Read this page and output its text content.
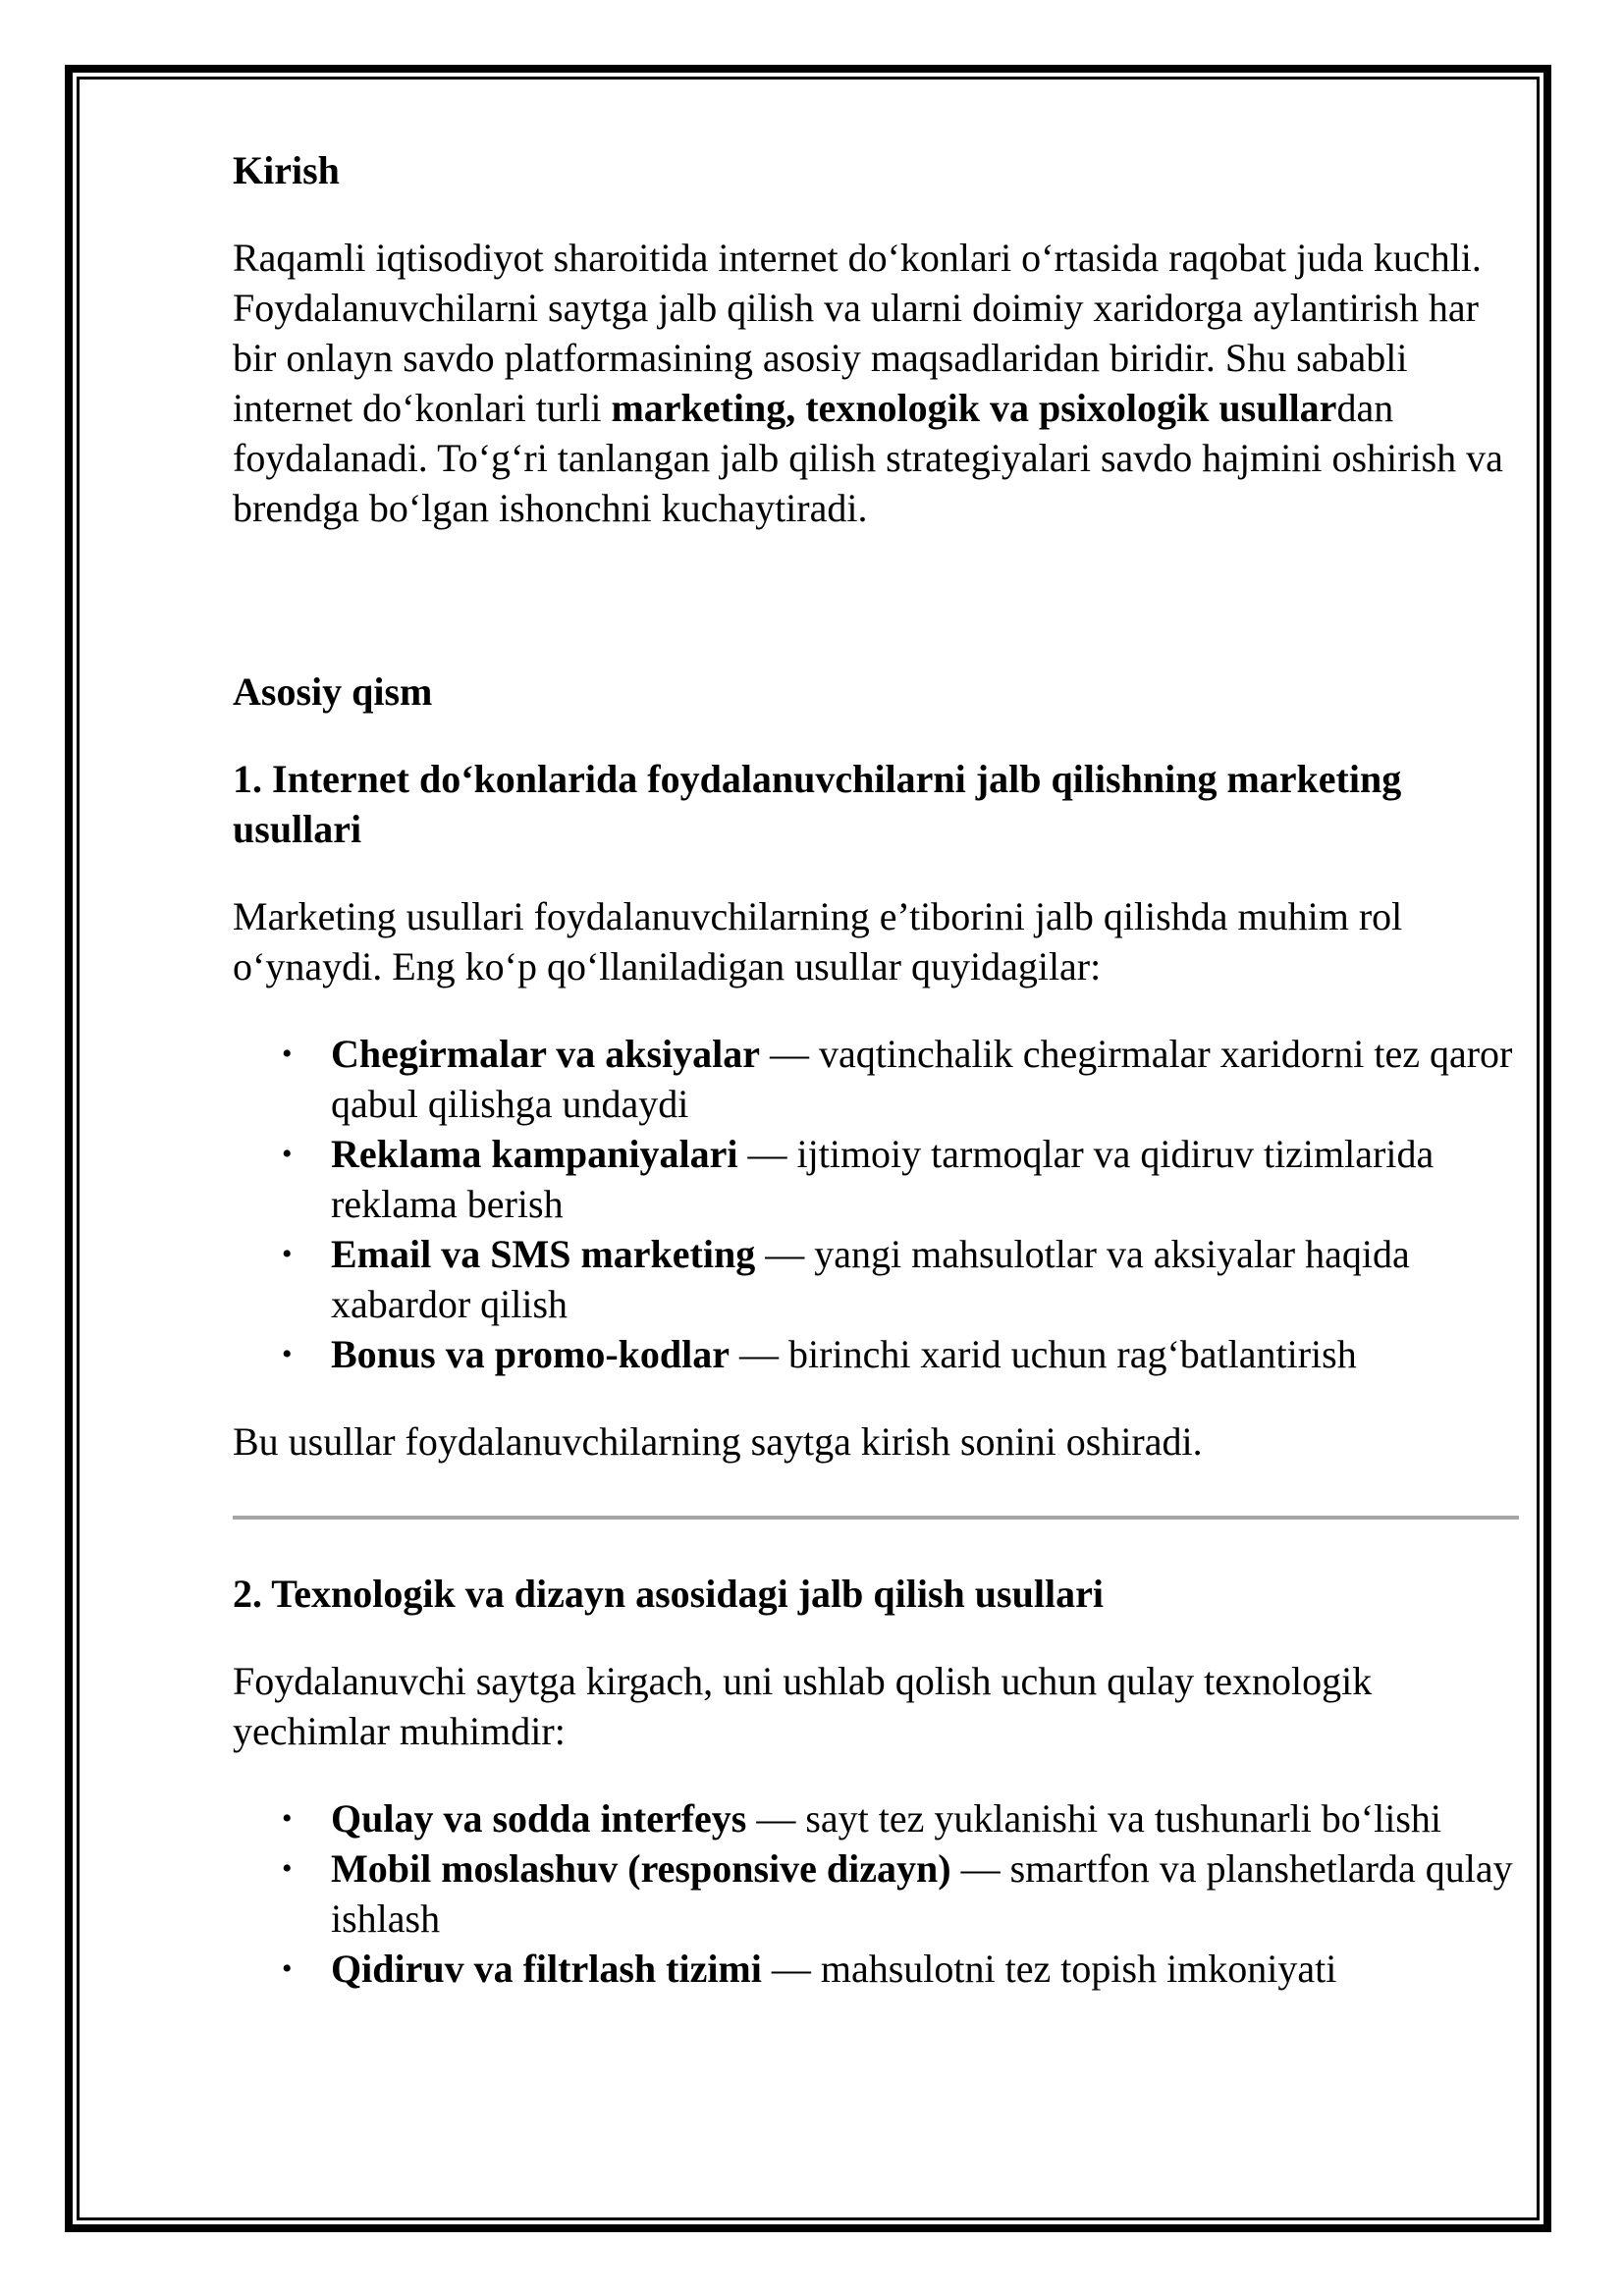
Kirish

Raqamli iqtisodiyot sharoitida internet do‘konlari o‘rtasida raqobat juda kuchli. Foydalanuvchilarni saytga jalb qilish va ularni doimiy xaridorga aylantirish har bir onlayn savdo platformasining asosiy maqsadlaridan biridir. Shu sababli internet do‘konlari turli marketing, texnologik va psixologik usullardan foydalanadi. To‘g‘ri tanlangan jalb qilish strategiyalari savdo hajmini oshirish va brendga bo‘lgan ishonchni kuchaytiradi.

Asosiy qism
1. Internet do‘konlarida foydalanuvchilarni jalb qilishning marketing usullari

Marketing usullari foydalanuvchilarning e’tiborini jalb qilishda muhim rol o‘ynaydi. Eng ko‘p qo‘llaniladigan usullar quyidagilar:

• Chegirmalar va aksiyalar — vaqtinchalik chegirmalar xaridorni tez qaror qabul qilishga undaydi
• Reklama kampaniyalari — ijtimoiy tarmoqlar va qidiruv tizimlarida reklama berish
• Email va SMS marketing — yangi mahsulotlar va aksiyalar haqida xabardor qilish
• Bonus va promo-kodlar — birinchi xarid uchun rag‘batlantirish

Bu usullar foydalanuvchilarning saytga kirish sonini oshiradi.

2. Texnologik va dizayn asosidagi jalb qilish usullari

Foydalanuvchi saytga kirgach, uni ushlab qolish uchun qulay texnologik yechimlar muhimdir:

• Qulay va sodda interfeys — sayt tez yuklanishi va tushunarli bo‘lishi
• Mobil moslashuv (responsive dizayn) — smartfon va planshetlarda qulay ishlash
• Qidiruv va filtrlash tizimi — mahsulotni tez topish imkoniyati
